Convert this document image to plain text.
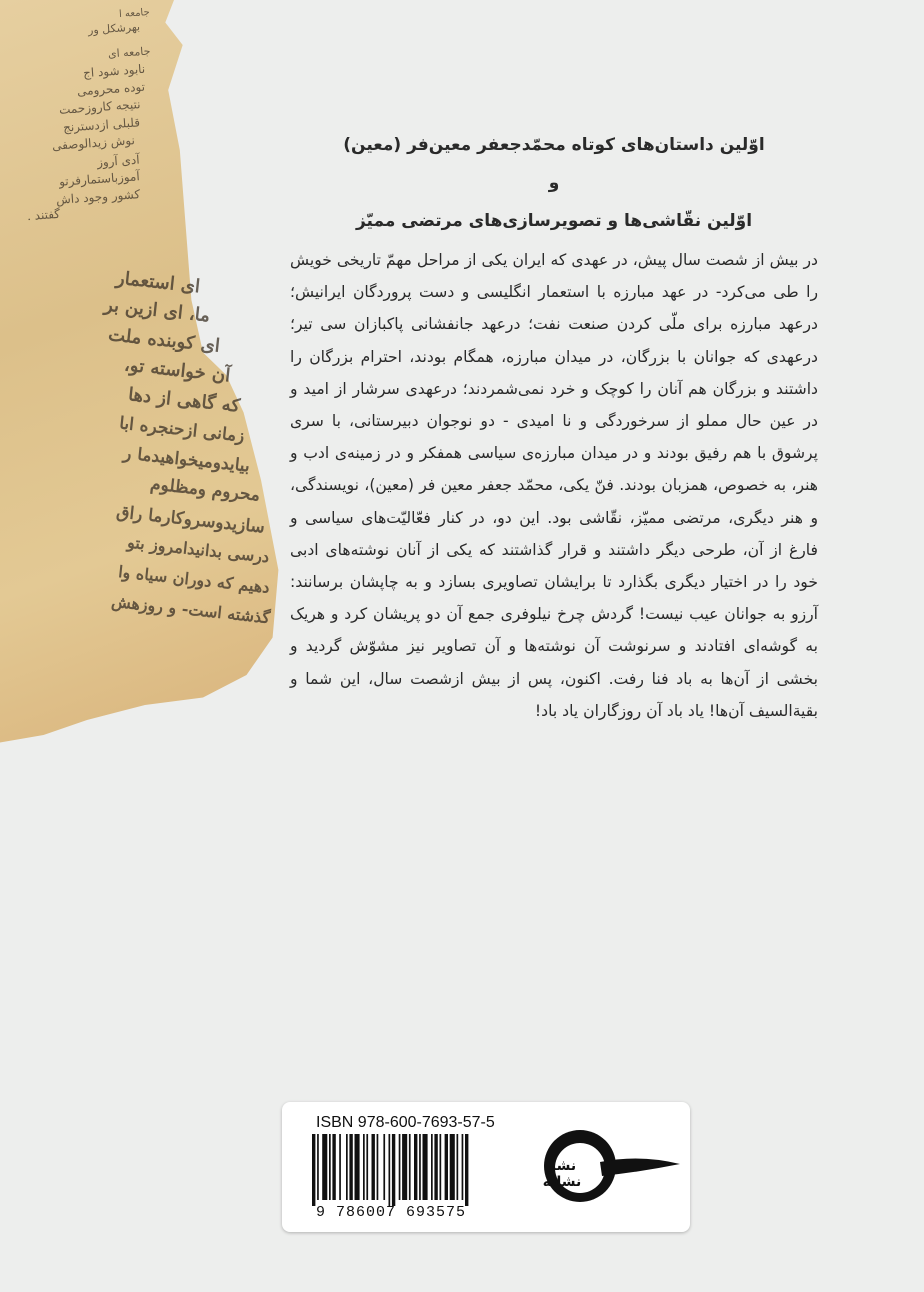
جامعه ا
بهرشکل ور
جامعه ای
نابود شود اج
توده محرومی
نتیجه کاروزحمت
قلبلی ازدسترنج
نوش زیدالوصفی
آدی آروز
آموزباستمارفرتو
کشور وجود داش
گفتند .
ای استعمار
ما، ای ازین بر
ای کوبنده ملت
آن خواسته تو،
که گاهی از دها
زمانی ازحنجره ابا
بیایدومیخواهیدما ر
محروم ومظلوم
سازیدوسروکارما راق
درسی بدانیدامروز بتو
دهیم که دوران سیاه وا
گذشته است- و روزهش

اوّلین داستان‌های کوتاه محمّدجعفر معین‌فر (معین)

و

اوّلین نقّاشی‌ها و تصویرسازی‌های مرتضی ممیّز

در بیش از شصت سال پیش، در عهدی که ایران یکی از مراحل مهمّ تاریخی خویش را طی می‌کرد- در عهد مبارزه با استعمار انگلیسی و دست پروردگان ایرانیش؛ درعهد مبارزه برای ملّی کردن صنعت نفت؛ درعهد جانفشانی پاکبازان سی تیر؛ درعهدی که جوانان با بزرگان، در میدان مبارزه، همگام بودند، احترام بزرگان را داشتند و بزرگان هم آنان را کوچک و خرد نمی‌شمردند؛ درعهدی سرشار از امید و در عین حال مملو از سرخوردگی و نا امیدی - دو نوجوان دبیرستانی، با سری پرشوق با هم رفیق بودند و در میدان مبارزه‌ی سیاسی همفکر و در زمینه‌ی ادب و هنر، به خصوص، همزبان بودند. فنّ یکی، محمّد جعفر معین فر (معین)، نویسندگی، و هنر دیگری، مرتضی ممیّز، نقّاشی بود. این دو، در کنار فعّالیّت‌های سیاسی و فارغ از آن، طرحی دیگر داشتند و قرار گذاشتند که یکی از آنان نوشته‌های ادبی خود را در اختیار دیگری بگذارد تا برایشان تصاویری بسازد و به چاپشان برسانند: آرزو به جوانان عیب نیست! گردش چرخ نیلوفری جمع آن دو پریشان کرد و هریک به گوشه‌ای افتادند و سرنوشت آن نوشته‌ها و آن تصاویر نیز مشوّش گردید و بخشی از آن‌ها به باد فنا رفت. اکنون، پس از بیش ازشصت سال، این شما و بقیةالسیف آن‌ها! یاد باد آن روزگاران یاد باد!

ISBN 978-600-7693-57-5
9 786007 693575
نشر
نشانه
